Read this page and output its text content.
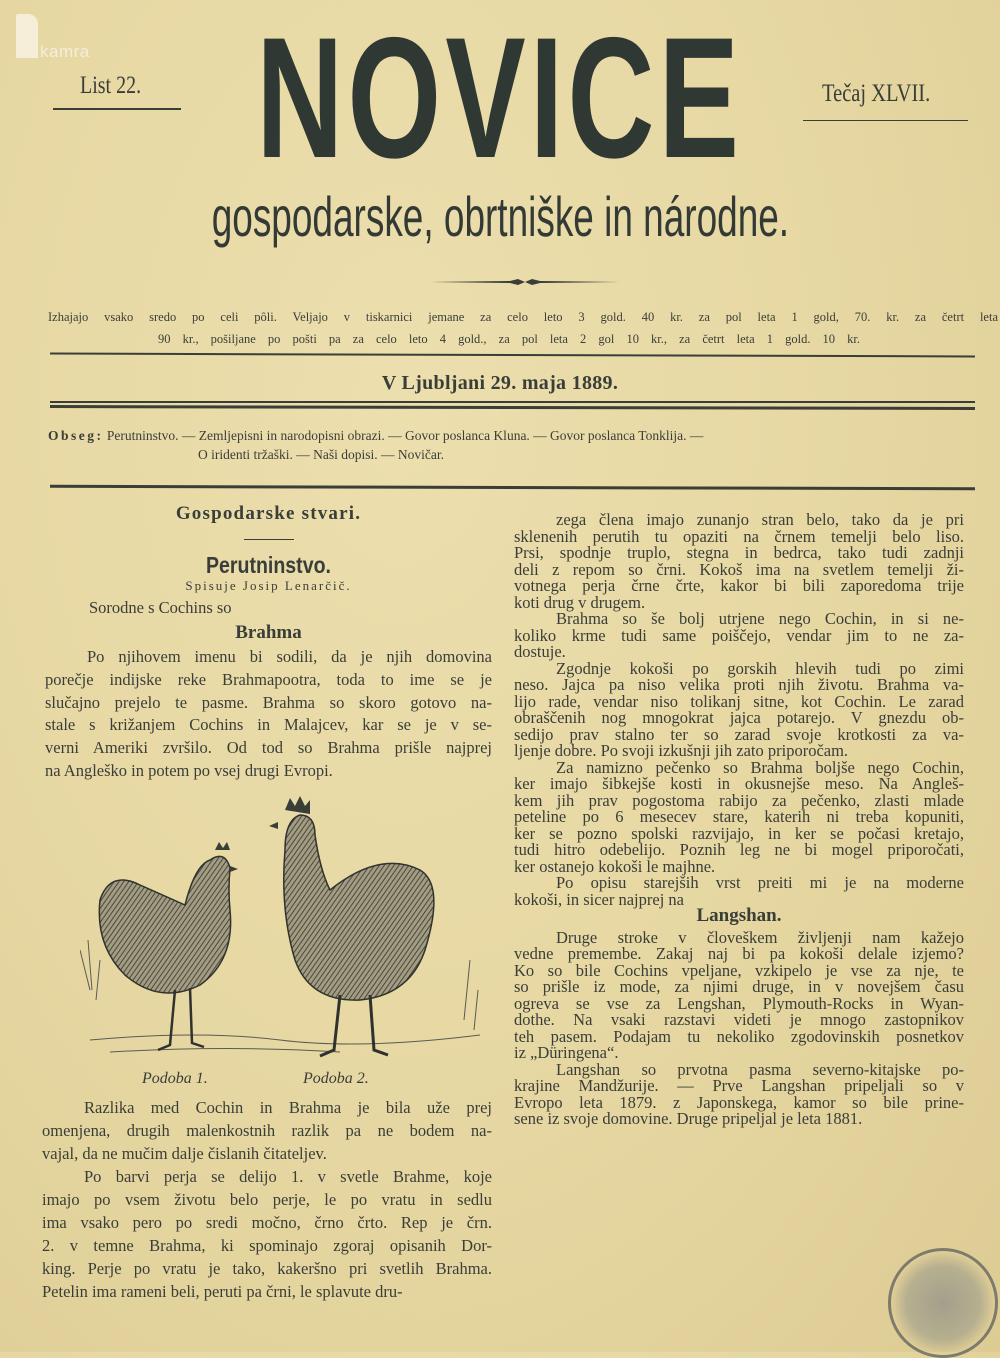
kamra
List 22. NOVICE	Tečaj XLVII.
gospodarske, obrtniške in národne.
Izhajajo vsako sredo po celi pôli. Veljajo v tiskarnici jemane za celo leto 3 gold. 40 kr. za pol leta 1 gold, 70. kr. za četrt leta
90 kr., pošiljane po pošti pa za celo leto 4 gold., za pol leta 2 gol 10 kr., za četrt leta 1 gold. 10 kr.
V Ljubljani 29. maja 1889.
Obseg: Perutninstvo. — Zemljepisni in narodopisni obrazi. — Govor poslanca Kluna. — Govor poslanca Tonklija. —
O iridenti tržaški. — Naši dopisi. — Novičar.
Gospodarske stvari.
Perutninstvo.
Spisuje Josip Lenarčič.
Sorodne s Cochins so
Brahma
Po njihovem imenu bi sodili, da je njih domovina
porečje indijske reke Brahmapootra, toda to ime se je
slučajno prejelo te pasme. Brahma so skoro gotovo na-
stale s križanjem Cochins in Malajcev, kar se je v se-
verni Ameriki zvršilo. Od tod so Brahma prišle najprej
na Angleško in potem po vsej drugi Evropi.
Podoba 1.	Podoba 2.
Razlika med Cochin in Brahma je bila uže prej
omenjena, drugih malenkostnih razlik pa ne bodem na-
vajal, da ne mučim dalje čislanih čitateljev.
Po barvi perja se delijo 1. v svetle Brahme, koje
imajo po vsem životu belo perje, le po vratu in sedlu
ima vsako pero po sredi močno, črno črto. Rep je črn.
2. v temne Brahma, ki spominajo zgoraj opisanih Dor-
king. Perje po vratu je tako, kakeršno pri svetlih Brahma.
Petelin ima rameni beli, peruti pa črni, le splavute dru-
zega člena imajo zunanjo stran belo, tako da je pri
sklenenih perutih tu opaziti na črnem temelji belo liso.
Prsi, spodnje truplo, stegna in bedrca, tako tudi zadnji
deli z repom so črni. Kokoš ima na svetlem temelji ži-
votnega perja črne črte, kakor bi bili zaporedoma trije
koti drug v drugem.
Brahma so še bolj utrjene nego Cochin, in si ne-
koliko krme tudi same poiščejo, vendar jim to ne za-
dostuje.
Zgodnje kokoši po gorskih hlevih tudi po zimi
neso. Jajca pa niso velika proti njih životu. Brahma va-
lijo rade, vendar niso tolikanj sitne, kot Cochin. Le zarad
obraščenih nog mnogokrat jajca potarejo. V gnezdu ob-
sedijo prav stalno ter so zarad svoje krotkosti za va-
ljenje dobre. Po svoji izkušnji jih zato priporočam.
Za namizno pečenko so Brahma boljše nego Cochin,
ker imajo šibkejše kosti in okusnejše meso. Na Angleš-
kem jih prav pogostoma rabijo za pečenko, zlasti mlade
peteline po 6 mesecev stare, katerih ni treba kopuniti,
ker se pozno spolski razvijajo, in ker se počasi kretajo,
tudi hitro odebelijo. Poznih leg ne bi mogel priporočati,
ker ostanejo kokoši le majhne.
Po opisu starejših vrst preiti mi je na moderne
kokoši, in sicer najprej na
Langshan.
Druge stroke v človeškem življenji nam kažejo
vedne premembe. Zakaj naj bi pa kokoši delale izjemo?
Ko so bile Cochins vpeljane, vzkipelo je vse za nje, te
so prišle iz mode, za njimi druge, in v novejšem času
ogreva se vse za Lengshan, Plymouth-Rocks in Wyan-
dothe. Na vsaki razstavi videti je mnogo zastopnikov
teh pasem. Podajam tu nekoliko zgodovinskih posnetkov
iz „Düringena“.
Langshan so prvotna pasma severno-kitajske po-
krajine Mandžurije. — Prve Langshan pripeljali so v
Evropo leta 1879. z Japonskega, kamor so bile prine-
sene iz svoje domovine. Druge pripeljal je leta 1881.
